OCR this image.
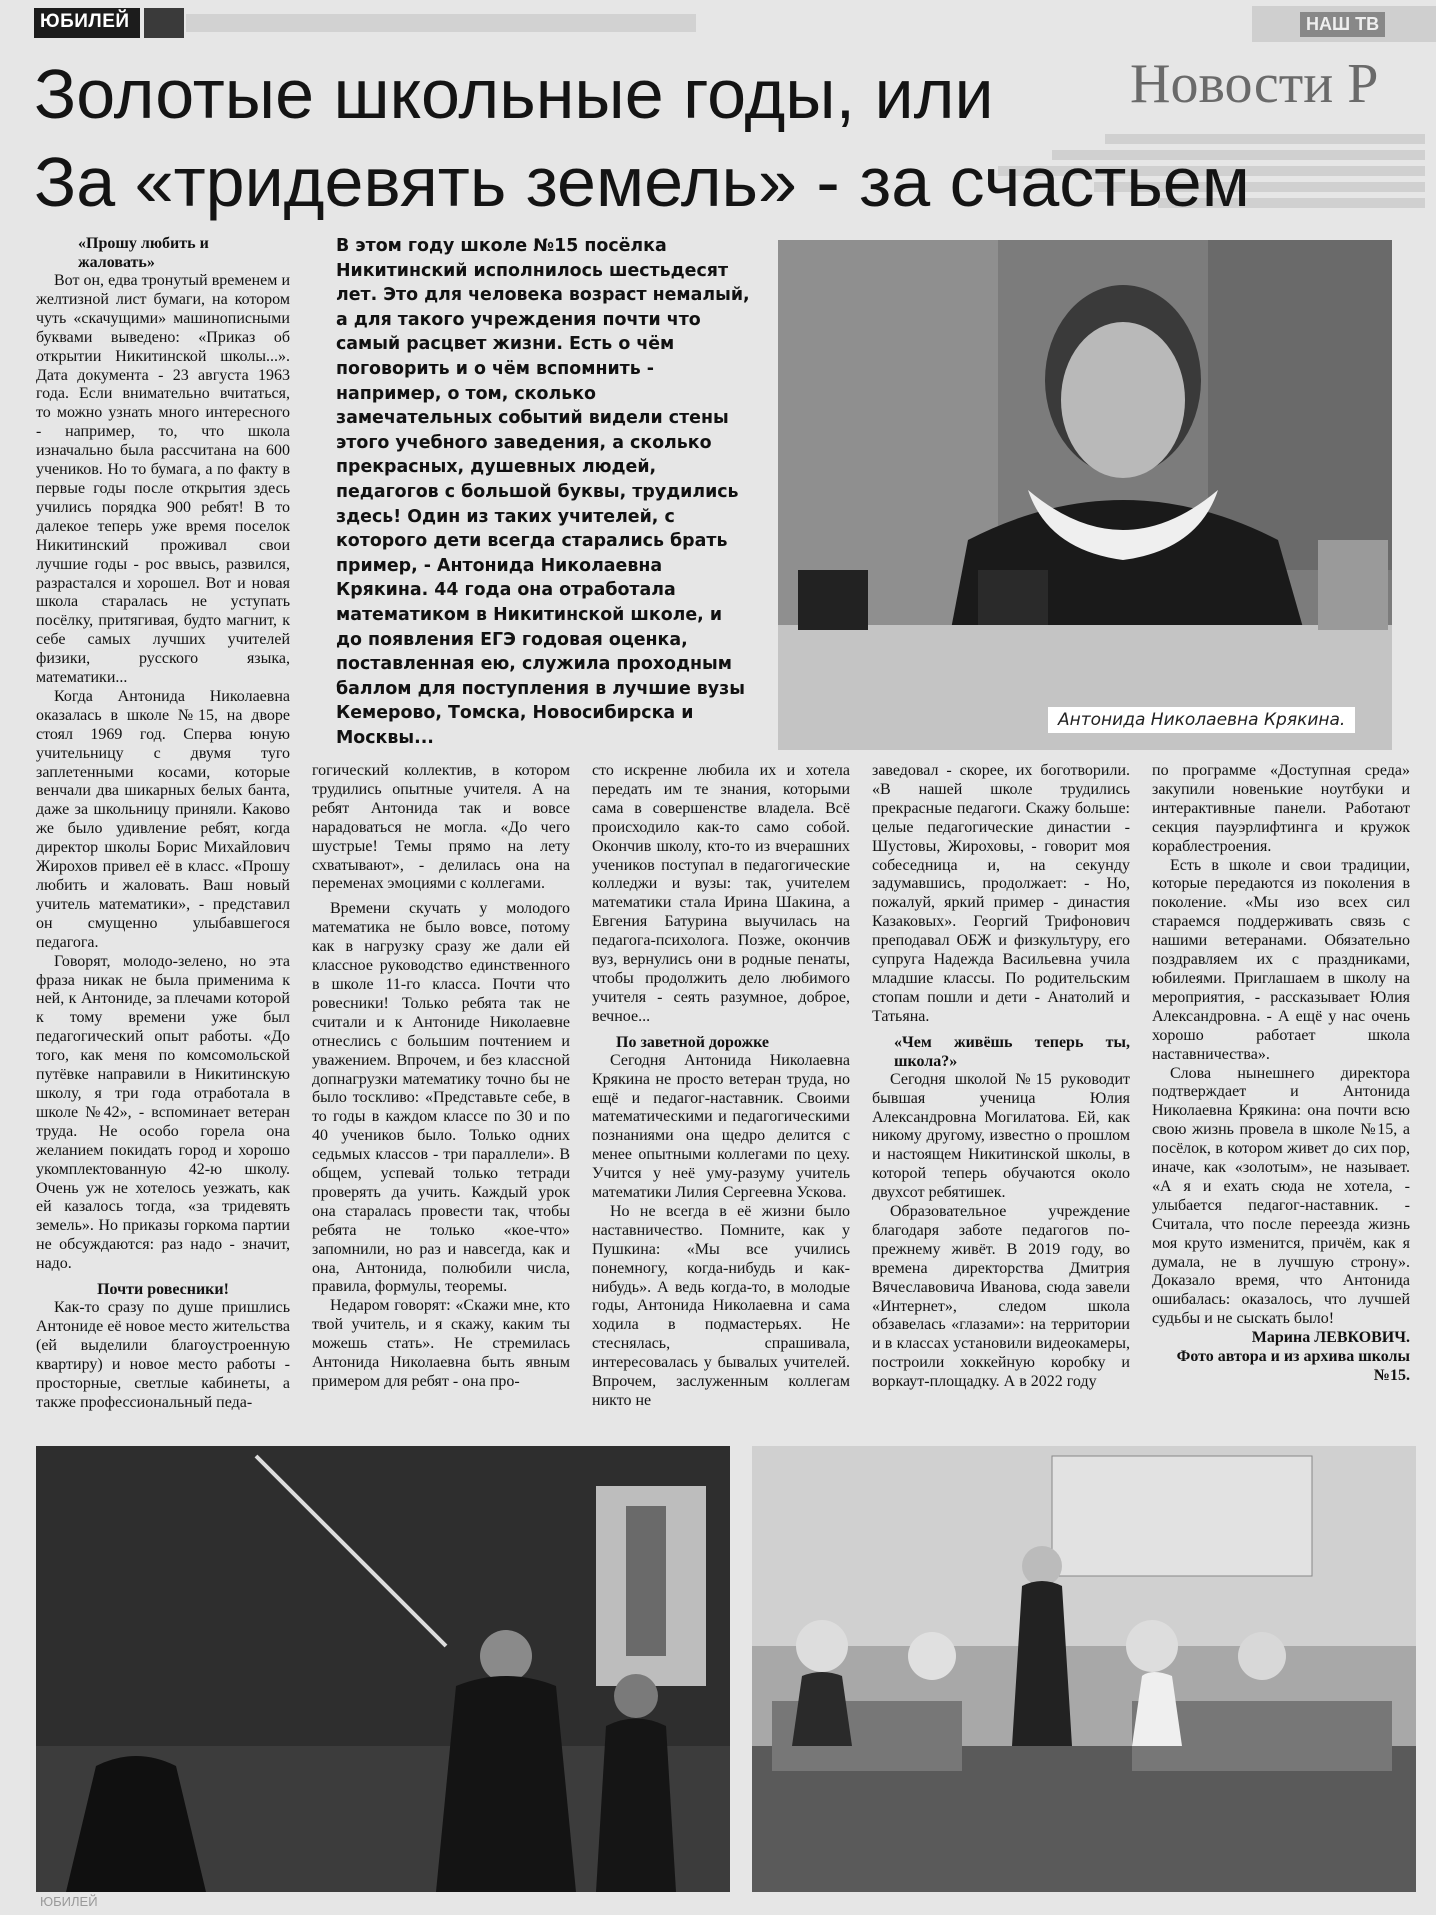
ЮБИЛЕЙ	НАШ ТВ
Новости Р
Золотые школьные годы, или
За «тридевять земель» - за счастьем
«Прошу любить и жаловать»

Вот он, едва тронутый временем и желтизной лист бумаги, на котором чуть «скачущими» машинописными буквами выведено: «Приказ об открытии Никитинской школы...». Дата документа - 23 августа 1963 года. Если внимательно вчитаться, то можно узнать много интересного - например, то, что школа изначально была рассчитана на 600 учеников. Но то бумага, а по факту в первые годы после открытия здесь учились порядка 900 ребят! В то далекое теперь уже время поселок Никитинский проживал свои лучшие годы - рос ввысь, развился, разрастался и хорошел. Вот и новая школа старалась не уступать посёлку, притягивая, будто магнит, к себе самых лучших учителей физики, русского языка, математики...

Когда Антонида Николаевна оказалась в школе №15, на дворе стоял 1969 год. Сперва юную учительницу с двумя туго заплетенными косами, которые венчали два шикарных белых банта, даже за школьницу приняли. Каково же было удивление ребят, когда директор школы Борис Михайлович Жирохов привел её в класс. «Прошу любить и жаловать. Ваш новый учитель математики», - представил он смущенно улыбавшегося педагога.

Говорят, молодо-зелено, но эта фраза никак не была применима к ней, к Антониде, за плечами которой к тому времени уже был педагогический опыт работы. «До того, как меня по комсомольской путёвке направили в Никитинскую школу, я три года отработала в школе №42», - вспоминает ветеран труда. Не особо горела она желанием покидать город и хорошо укомплектованную 42-ю школу. Очень уж не хотелось уезжать, как ей казалось тогда, «за тридевять земель». Но приказы горкома партии не обсуждаются: раз надо - значит, надо.

Почти ровесники!

Как-то сразу по душе пришлись Антониде её новое место жительства (ей выделили благоустроенную квартиру) и новое место работы - просторные, светлые кабинеты, а также профессиональный педа-

В этом году школе №15 посёлка Никитинский исполнилось шестьдесят лет. Это для человека возраст немалый, а для такого учреждения почти что самый расцвет жизни. Есть о чём поговорить и о чём вспомнить - например, о том, сколько замечательных событий видели стены этого учебного заведения, а сколько прекрасных, душевных людей, педагогов с большой буквы, трудились здесь! Один из таких учителей, с которого дети всегда старались брать пример, - Антонида Николаевна Крякина. 44 года она отработала математиком в Никитинской школе, и до появления ЕГЭ годовая оценка, поставленная ею, служила проходным баллом для поступления в лучшие вузы Кемерово, Томска, Новосибирска и Москвы...
Антонида Николаевна Крякина.

гогический коллектив, в котором трудились опытные учителя. А на ребят Антонида так и вовсе нарадоваться не могла. «До чего шустрые! Темы прямо на лету схватывают», - делилась она на переменах эмоциями с коллегами.

Времени скучать у молодого математика не было вовсе, потому как в нагрузку сразу же дали ей классное руководство единственного в школе 11-го класса. Почти что ровесники! Только ребята так не считали и к Антониде Николаевне отнеслись с большим почтением и уважением. Впрочем, и без классной допнагрузки математику точно бы не было тоскливо: «Представьте себе, в то годы в каждом классе по 30 и по 40 учеников было. Только одних седьмых классов - три параллели». В общем, успевай только тетради проверять да учить. Каждый урок она старалась провести так, чтобы ребята не только «кое-что» запомнили, но раз и навсегда, как и она, Антонида, полюбили числа, правила, формулы, теоремы.

Недаром говорят: «Скажи мне, кто твой учитель, и я скажу, каким ты можешь стать». Не стремилась Антонида Николаевна быть явным примером для ребят - она про-

сто искренне любила их и хотела передать им те знания, которыми сама в совершенстве владела. Всё происходило как-то само собой. Окончив школу, кто-то из вчерашних учеников поступал в педагогические колледжи и вузы: так, учителем математики стала Ирина Шакина, а Евгения Батурина выучилась на педагога-психолога. Позже, окончив вуз, вернулись они в родные пенаты, чтобы продолжить дело любимого учителя - сеять разумное, доброе, вечное...

По заветной дорожке

Сегодня Антонида Николаевна Крякина не просто ветеран труда, но ещё и педагог-наставник. Своими математическими и педагогическими познаниями она щедро делится с менее опытными коллегами по цеху. Учится у неё уму-разуму учитель математики Лилия Сергеевна Ускова.

Но не всегда в её жизни было наставничество. Помните, как у Пушкина: «Мы все учились понемногу, когда-нибудь и как-нибудь». А ведь когда-то, в молодые годы, Антонида Николаевна и сама ходила в подмастерьях. Не стеснялась, спрашивала, интересовалась у бывалых учителей. Впрочем, заслуженным коллегам никто не

заведовал - скорее, их боготворили. «В нашей школе трудились прекрасные педагоги. Скажу больше: целые педагогические династии - Шустовы, Жироховы, - говорит моя собеседница и, на секунду задумавшись, продолжает: - Но, пожалуй, яркий пример - династия Казаковых». Георгий Трифонович преподавал ОБЖ и физкультуру, его супруга Надежда Васильевна учила младшие классы. По родительским стопам пошли и дети - Анатолий и Татьяна.

«Чем живёшь теперь ты, школа?»

Сегодня школой №15 руководит бывшая ученица Юлия Александровна Могилатова. Ей, как никому другому, известно о прошлом и настоящем Никитинской школы, в которой теперь обучаются около двухсот ребятишек.

Образовательное учреждение благодаря заботе педагогов по-прежнему живёт. В 2019 году, во времена директорства Дмитрия Вячеславовича Иванова, сюда завели «Интернет», следом школа обзавелась «глазами»: на территории и в классах установили видеокамеры, построили хоккейную коробку и воркаут-площадку. А в 2022 году

по программе «Доступная среда» закупили новенькие ноутбуки и интерактивные панели. Работают секция пауэрлифтинга и кружок кораблестроения.

Есть в школе и свои традиции, которые передаются из поколения в поколение. «Мы изо всех сил стараемся поддерживать связь с нашими ветеранами. Обязательно поздравляем их с праздниками, юбилеями. Приглашаем в школу на мероприятия, - рассказывает Юлия Александровна. - А ещё у нас очень хорошо работает школа наставничества».

Слова нынешнего директора подтверждает и Антонида Николаевна Крякина: она почти всю свою жизнь провела в школе №15, а посёлок, в котором живет до сих пор, иначе, как «золотым», не называет. «А я и ехать сюда не хотела, - улыбается педагог-наставник. - Считала, что после переезда жизнь моя круто изменится, причём, как я думала, не в лучшую строну». Доказало время, что Антонида ошибалась: оказалось, что лучшей судьбы и не сыскать было!

Марина ЛЕВКОВИЧ.

Фото автора и из архива школы №15.

ЮБИЛЕЙ
